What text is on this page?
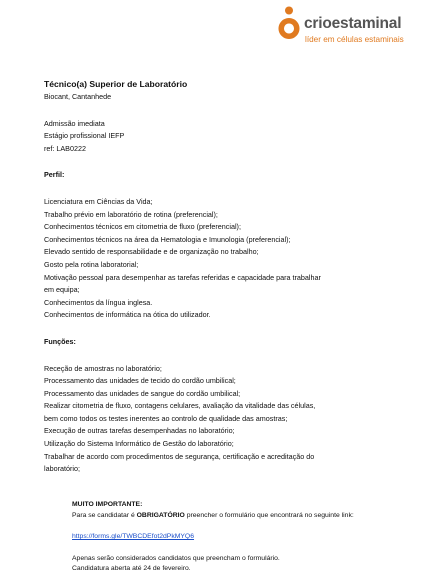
crioestaminal
líder em células estaminais
Técnico(a) Superior de Laboratório
Biocant, Cantanhede
Admissão imediata
Estágio profissional IEFP
ref: LAB0222
Perfil:
Licenciatura em Ciências da Vida;
Trabalho prévio em laboratório de rotina (preferencial);
Conhecimentos técnicos em citometria de fluxo (preferencial);
Conhecimentos técnicos na área da Hematologia e Imunologia (preferencial);
Elevado sentido de responsabilidade e de organização no trabalho;
Gosto pela rotina laboratorial;
Motivação pessoal para desempenhar as tarefas referidas e capacidade para trabalhar
em equipa;
Conhecimentos da língua inglesa.
Conhecimentos de informática na ótica do utilizador.
Funções:
Receção de amostras no laboratório;
Processamento das unidades de tecido do cordão umbilical;
Processamento das unidades de sangue do cordão umbilical;
Realizar citometria de fluxo, contagens celulares, avaliação da vitalidade das células,
bem como todos os testes inerentes ao controlo de qualidade das amostras;
Execução de outras tarefas desempenhadas no laboratório;
Utilização do Sistema Informático de Gestão do laboratório;
Trabalhar de acordo com procedimentos de segurança, certificação e acreditação do
laboratório;
MUITO IMPORTANTE:
Para se candidatar é OBRIGATÓRIO preencher o formulário que encontrará no seguinte link:
https://forms.gle/TWBCDEfot2dPkMYQ6
Apenas serão considerados candidatos que preencham o formulário.
Candidatura aberta até 24 de fevereiro.
